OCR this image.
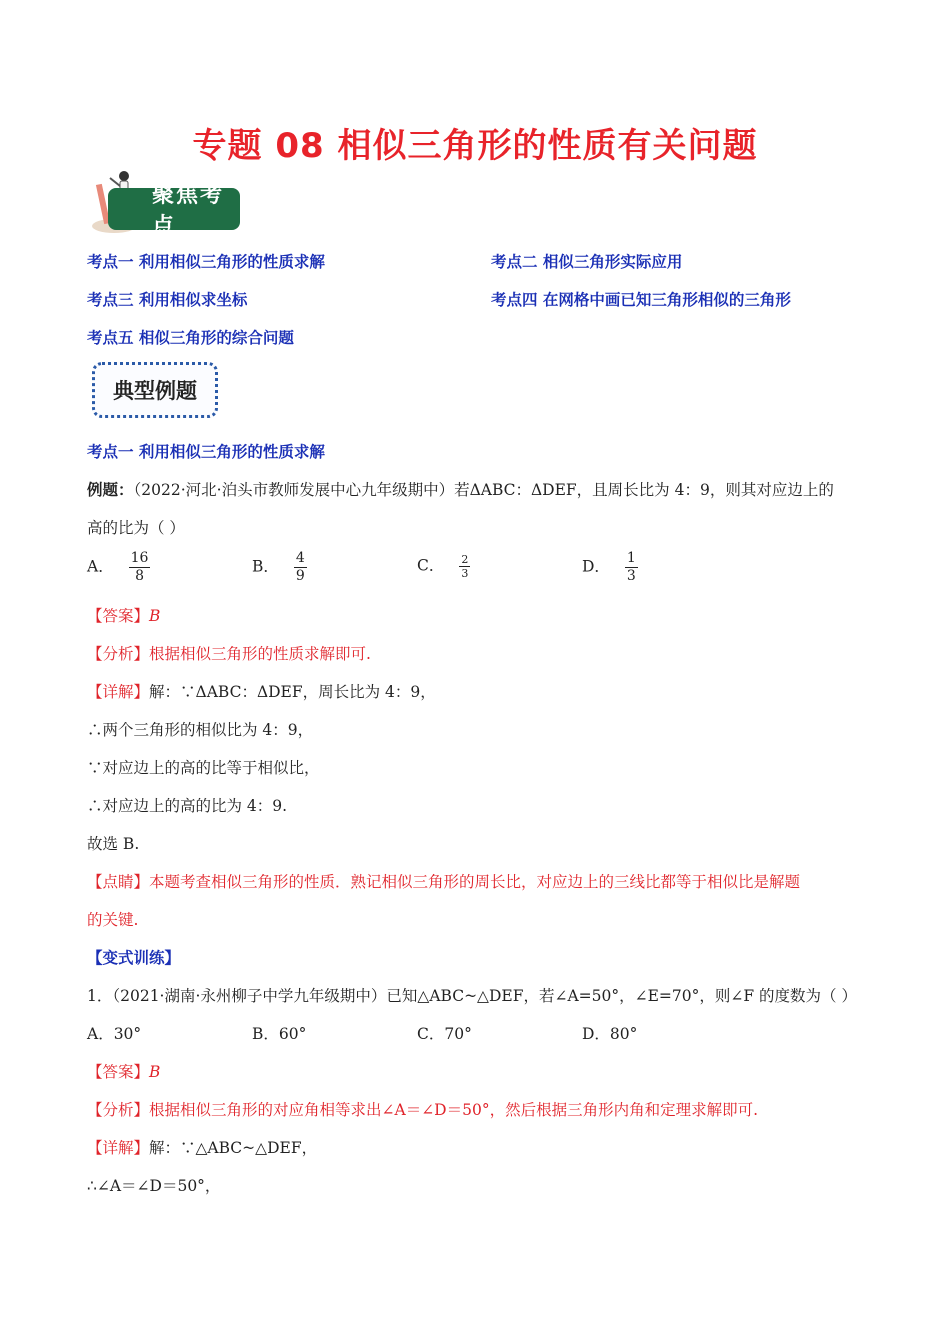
专题 08 相似三角形的性质有关问题
聚焦考点
考点一 利用相似三角形的性质求解	考点二 相似三角形实际应用
考点三 利用相似求坐标	考点四 在网格中画已知三角形相似的三角形
考点五 相似三角形的综合问题
典型例题
考点一 利用相似三角形的性质求解
例题：（2022·河北·泊头市教师发展中心九年级期中）若ΔABC：ΔDEF，且周长比为 4：9，则其对应边上的
高的比为（ ）
A． $\frac{16}{8}$	B． $\frac{4}{9}$	C． $\frac{2}{3}$	D． $\frac{1}{3}$
【答案】B
【分析】根据相似三角形的性质求解即可.
【详解】解：∵ΔABC：ΔDEF，周长比为 4：9，
∴两个三角形的相似比为 4：9，
∵对应边上的高的比等于相似比，
∴对应边上的高的比为 4：9.
故选 B.
【点睛】本题考查相似三角形的性质．熟记相似三角形的周长比，对应边上的三线比都等于相似比是解题
的关键.
【变式训练】
1．（2021·湖南·永州柳子中学九年级期中）已知△ABC~△DEF，若∠A=50°，∠E=70°，则∠F 的度数为（ ）
A．30°	B．60°	C．70°	D．80°
【答案】B
【分析】根据相似三角形的对应角相等求出∠A＝∠D＝50°，然后根据三角形内角和定理求解即可.
【详解】解：∵△ABC~△DEF，
∴∠A＝∠D＝50°，
